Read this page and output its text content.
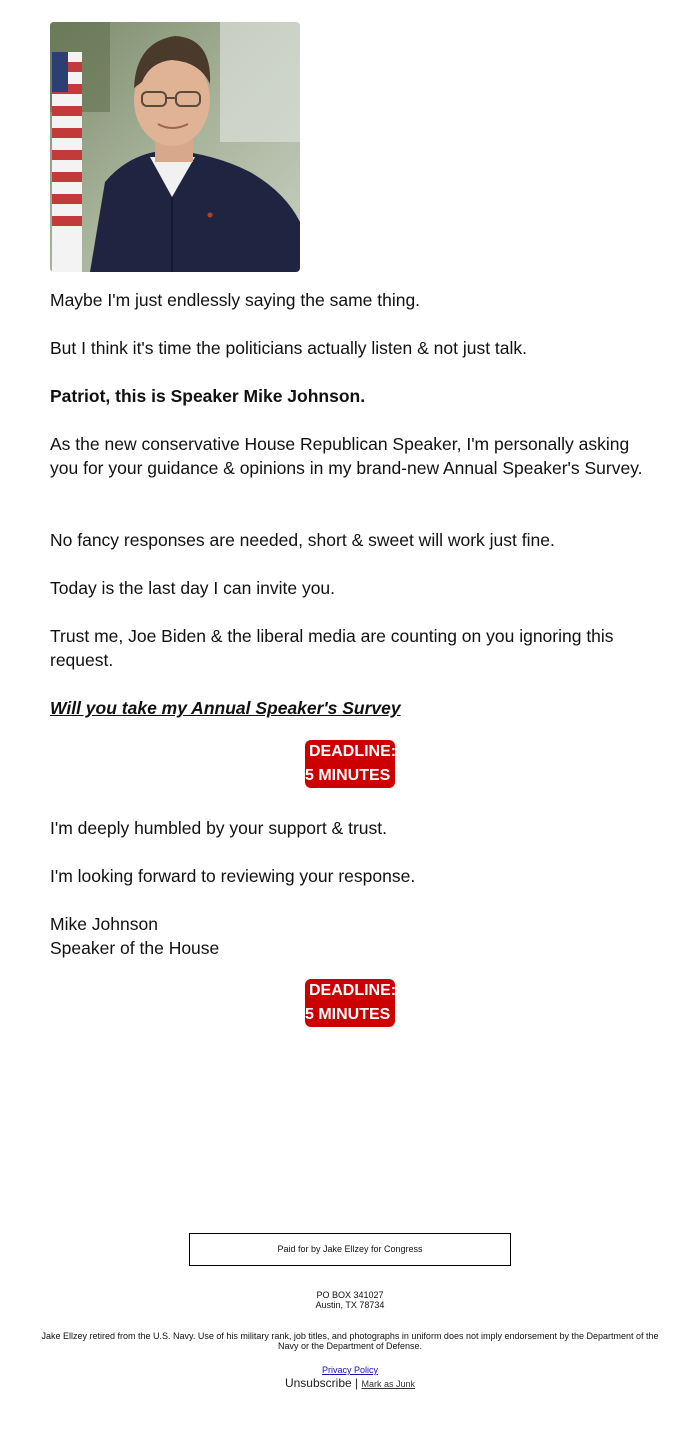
Maybe I'm just endlessly saying the same thing.

But I think it's time the politicians actually listen & not just talk.

Patriot, this is Speaker Mike Johnson.

As the new conservative House Republican Speaker, I'm personally asking you for your guidance & opinions in my brand-new Annual Speaker's Survey.

No fancy responses are needed, short & sweet will work just fine.

Today is the last day I can invite you.

Trust me, Joe Biden & the liberal media are counting on you ignoring this request.

Will you take my Annual Speaker's Survey

DEADLINE:
5 MINUTES

I'm deeply humbled by your support & trust.

I'm looking forward to reviewing your response.

Mike Johnson

Speaker of the House

DEADLINE:
5 MINUTES
Paid for by Jake Ellzey for Congress
PO BOX 341027
Austin, TX 78734
Jake Ellzey retired from the U.S. Navy. Use of his military rank, job titles, and photographs in uniform does not imply endorsement by the Department of the Navy or the Department of Defense.
Privacy Policy
Unsubscribe | Mark as Junk
